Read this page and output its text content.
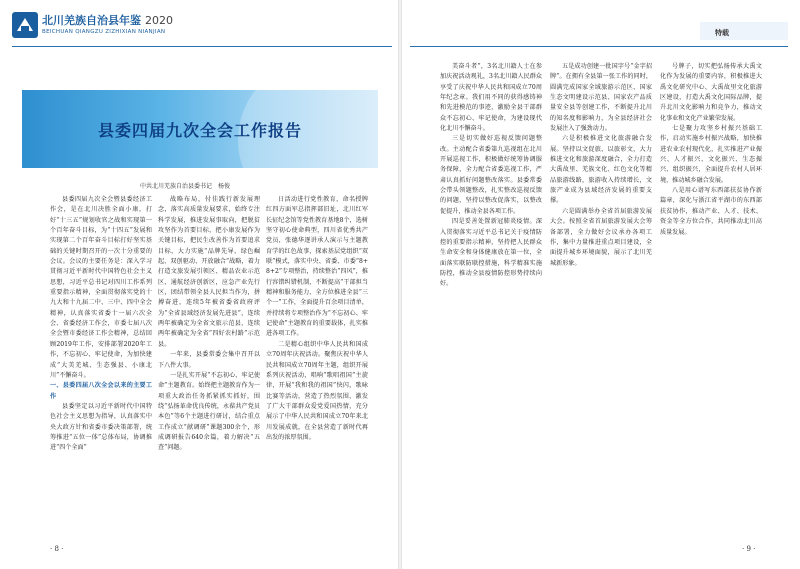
北川羌族自治县年鉴 2020
BEICHUAN QIANGZU ZIZHIXIAN NIANJIAN
县委四届九次全会工作报告
中共北川羌族自治县委书记　杨俊

县委四届九次全会暨县委经济工作会，是在北川决胜全面小康，打好“十三五”规划收官之战和实现第一个百年奋斗目标，为“十四五”发展和实现第二个百年奋斗目标打好坚实基础的关键时期召开的一次十分重要的会议。会议的主要任务是：深入学习贯彻习近平新时代中国特色社会主义思想，习近平总书记对四川工作系列重要指示精神，全面贯彻落实党的十九大和十九届二中、三中、四中全会精神，认真落实省委十一届六次全会、省委经济工作会，市委七届八次全会暨市委经济工作会精神，总结回顾2019年工作，安排部署2020年工作，不忘初心、牢记使命，为加快建成“大美羌城、生态强县、小康北川”不懈奋斗。

一、县委四届八次全会以来的主要工作

县委坚定以习近平新时代中国特色社会主义思想为指导，认真落实中央大政方针和省委市委决策部署，统筹推进“五位一体”总体布局，协调推进“四个全面”

战略布局，付佳践行新发展理念，落实高质量发展要求，始终专注科学发展，推进发展事取向，把脱贫攻坚作为首要目标，把小康发展作为关键目标，把民生改善作为首要追求目标，大力实施“品牌先导、绿色崛起、双创驱动、开放融合”战略，着力打造文旅发展引领区、精品农业示范区、通航经济创新区，应急产业先行区，团结带领全县人民担当作为，拼搏奋进，连续5年被省委省政府评为“全省县域经济发展先进县”，连续两年被确定为全省文旅示范县，连续两年被确定为全省“四好农村路”示范县。

一年来，县委常委会集中召开以下八件大事。

一是扎实开展“不忘初心、牢记使命”主题教育。始终把主题教育作为一项重大政治任务抓紧抓实抓好，围绕“弘扬革命优良传统，永葆共产党员本色”等6个主题进行研讨，结合重点工作成立“献调研”课题300余个，形成调研报告640余篇，着力解决“五查”问题。

日活动进行党性教育，命名授牌红四方面军总指挥部旧址，北川红军长征纪念馆等党性教育基地8个，选树坚守初心使命典型，四川省优秀共产党员，张德华逐讲承人演示与主题教育学的红色故事，探索基层党组织“双联”模式，落实中央、省委、市委“8+8+2”专项整治，持续整治“四风”，推行容错纠错机制，不断提高“干部担当精神和服务能力，全方位推进全县“三个一”工作，全面提升百余项目清单，并持续将专项整治作为“不忘初心、牢记使命”主题教育的重要载体，扎实推进各项工作。

二是精心组织中华人民共和国成立70周年庆祝活动。聚焦庆祝中华人民共和国成立70周年主题，组织开展系列庆祝活动，唱响“歌唱祖国”主旋律，开展“我和我的祖国”快闪，歌咏比赛等活动，营造了热烈氛围，激发了广大干部群众爱党爱国热情，充分展示了中华人民共和国成立70年来北川发展成就，在全县营造了新时代再出发的浓厚氛围。

· 8 ·

美奋斗者”，3名北川籍人士在参加庆祝活动观礼，3名北川籍人民群众享受了庆祝中华人民共和国成立70周年纪念章。我们用不同的获得感铸神和先进模范的事迹，激励全县干部群众不忘初心、牢记使命，为建设现代化北川不懈奋斗。

三是切实做好巡视反馈问题整改。主动配合省委第九巡视组在北川开展巡视工作，积极做好统筹协调服务保障，全力配合省委巡视工作，严肃认真抓好问题整改落实。县委常委会带头领题整改，扎实整改巡视反馈的问题，坚持以整改促落实，以整改促提升，推动全县各项工作。

四是妥善处置新冠肺炎疫情。深入贯彻落实习近平总书记关于疫情防控的重要指示精神，坚持把人民群众生命安全和身体健康放在第一位，全面落实联防联控措施，科学精准实施防控，推动全县疫情防控形势持续向好。

五是成功创建一批国字号“金字招牌”。在拥有全县第一张工作的同时，圆满完成国家全域旅游示范区、国家生态文明建设示范县、国家农产品质量安全县等创建工作，不断提升北川的知名度和影响力，为全县经济社会发展注入了强劲动力。

六是积极推进文化旅游融合发展。坚持以文促旅、以旅彰文，大力推进文化和旅游深度融合，全力打造大禹故里、羌族文化、红色文化等精品旅游线路，旅游收入持续增长，文旅产业成为县域经济发展的重要支撑。

六是圆满举办全省首届旅游发展大会。按照全省首届旅游发展大会筹备部署，全力做好会议承办各项工作，集中力量推进重点项目建设，全面提升城乡环境面貌，展示了北川羌城新形象。

号牌子，切实把弘扬传承大禹文化作为发展的重要内容，积极推进大禹文化研究中心、大禹故里文化旅游区建设，打造大禹文化国际品牌，提升北川文化影响力和竞争力，推动文化事业和文化产业繁荣发展。

七是聚力攻坚乡村振兴基础工作，启动实施乡村振兴战略，加快推进农业农村现代化，扎实推进产业振兴、人才振兴、文化振兴、生态振兴、组织振兴，全面提升农村人居环境，推动城乡融合发展。

八是用心谱写东西部扶贫协作新篇章，深化与浙江省平湖市的东西部扶贫协作，推动产业、人才、技术、资金等全方位合作，共同推动北川高质量发展。

· 9 ·
特载
